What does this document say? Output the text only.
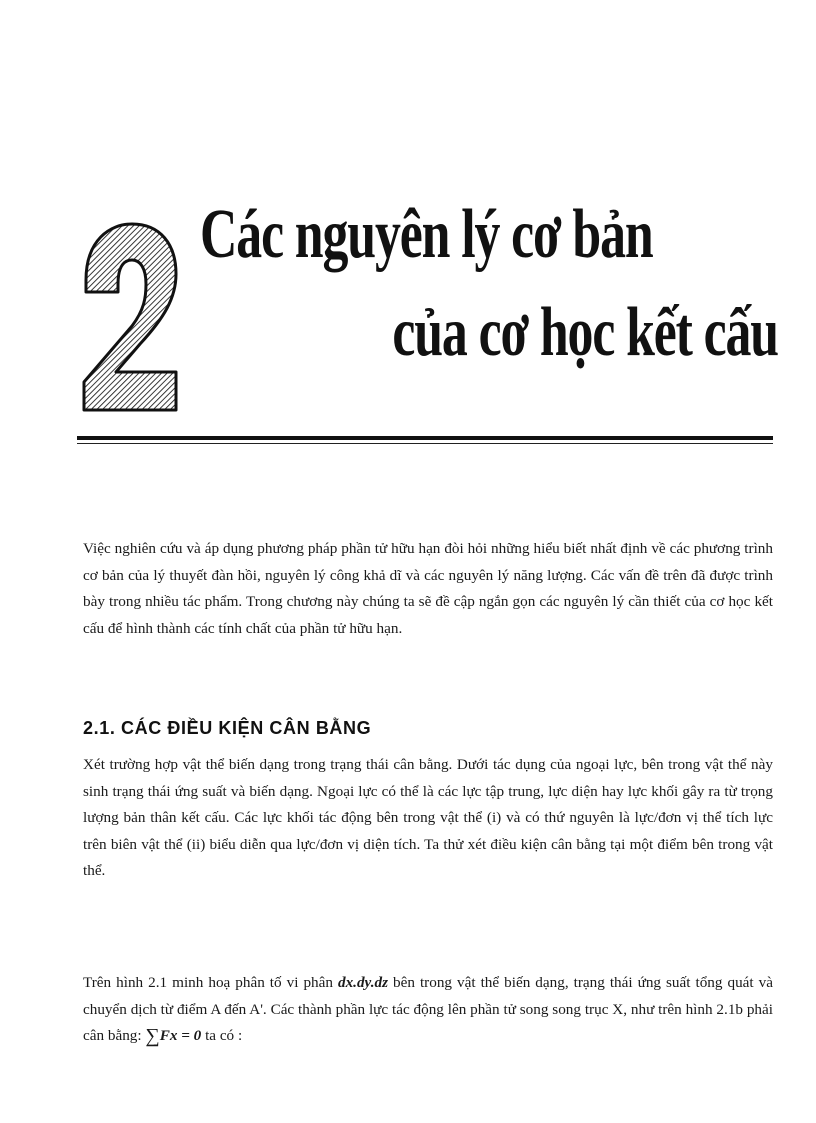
Các nguyên lý cơ bản
của cơ học kết cấu

Việc nghiên cứu và áp dụng phương pháp phần tử hữu hạn đòi hỏi những hiểu biết nhất định về các phương trình cơ bản của lý thuyết đàn hồi, nguyên lý công khả dĩ và các nguyên lý năng lượng. Các vấn đề trên đã được trình bày trong nhiều tác phẩm. Trong chương này chúng ta sẽ đề cập ngắn gọn các nguyên lý cần thiết của cơ học kết cấu để hình thành các tính chất của phần tử hữu hạn.

2.1. CÁC ĐIỀU KIỆN CÂN BẰNG

Xét trường hợp vật thể biến dạng trong trạng thái cân bằng. Dưới tác dụng của ngoại lực, bên trong vật thể này sinh trạng thái ứng suất và biến dạng. Ngoại lực có thể là các lực tập trung, lực diện hay lực khối gây ra từ trọng lượng bản thân kết cấu. Các lực khối tác động bên trong vật thể (i) và có thứ nguyên là lực/đơn vị thể tích lực trên biên vật thể (ii) biểu diễn qua lực/đơn vị diện tích. Ta thử xét điều kiện cân bằng tại một điểm bên trong vật thể.

Trên hình 2.1 minh hoạ phân tố vi phân dx.dy.dz bên trong vật thể biến dạng, trạng thái ứng suất tổng quát và chuyển dịch từ điểm A đến A'. Các thành phần lực tác động lên phần tử song song trục X, như trên hình 2.1b phải cân bằng: ∑Fx = 0 ta có :
